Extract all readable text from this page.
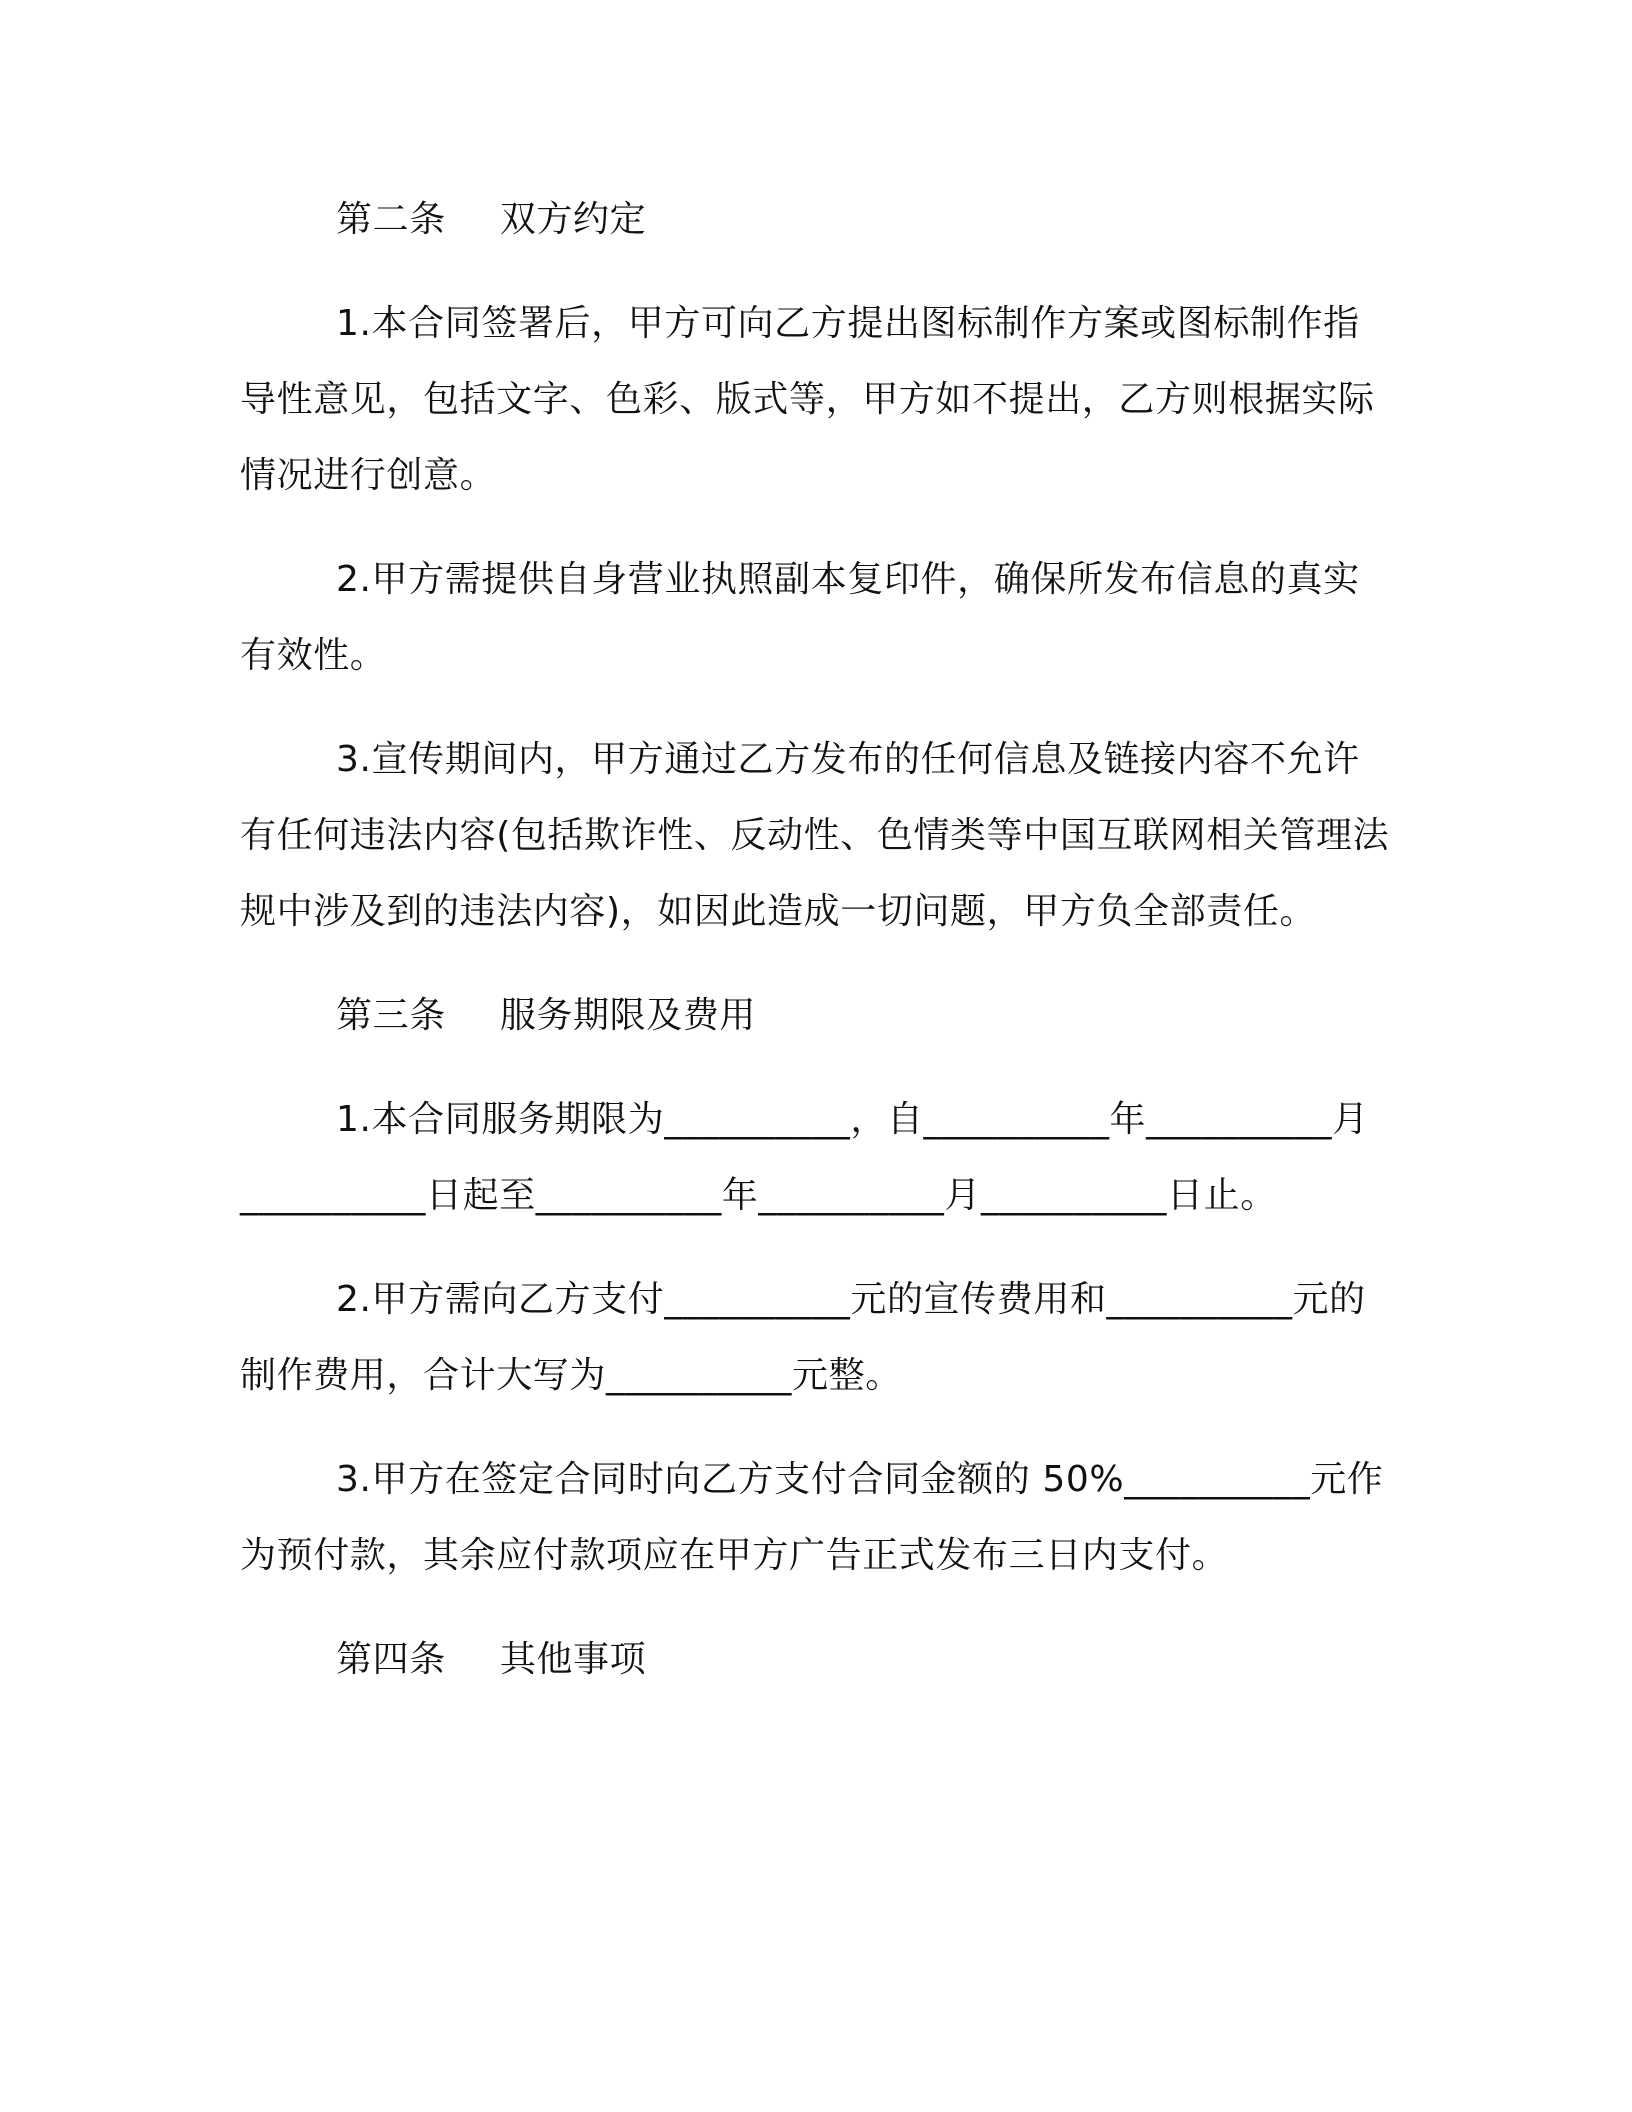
第二条 双方约定

1.本合同签署后，甲方可向乙方提出图标制作方案或图标制作指导性意见，包括文字、色彩、版式等，甲方如不提出，乙方则根据实际情况进行创意。

2.甲方需提供自身营业执照副本复印件，确保所发布信息的真实有效性。

3.宣传期间内，甲方通过乙方发布的任何信息及链接内容不允许有任何违法内容(包括欺诈性、反动性、色情类等中国互联网相关管理法规中涉及到的违法内容)，如因此造成一切问题，甲方负全部责任。

第三条 服务期限及费用

1.本合同服务期限为__________，自__________年__________月__________日起至__________年__________月__________日止。

2.甲方需向乙方支付__________元的宣传费用和__________元的制作费用，合计大写为__________元整。

3.甲方在签定合同时向乙方支付合同金额的 50%__________元作为预付款，其余应付款项应在甲方广告正式发布三日内支付。

第四条 其他事项
